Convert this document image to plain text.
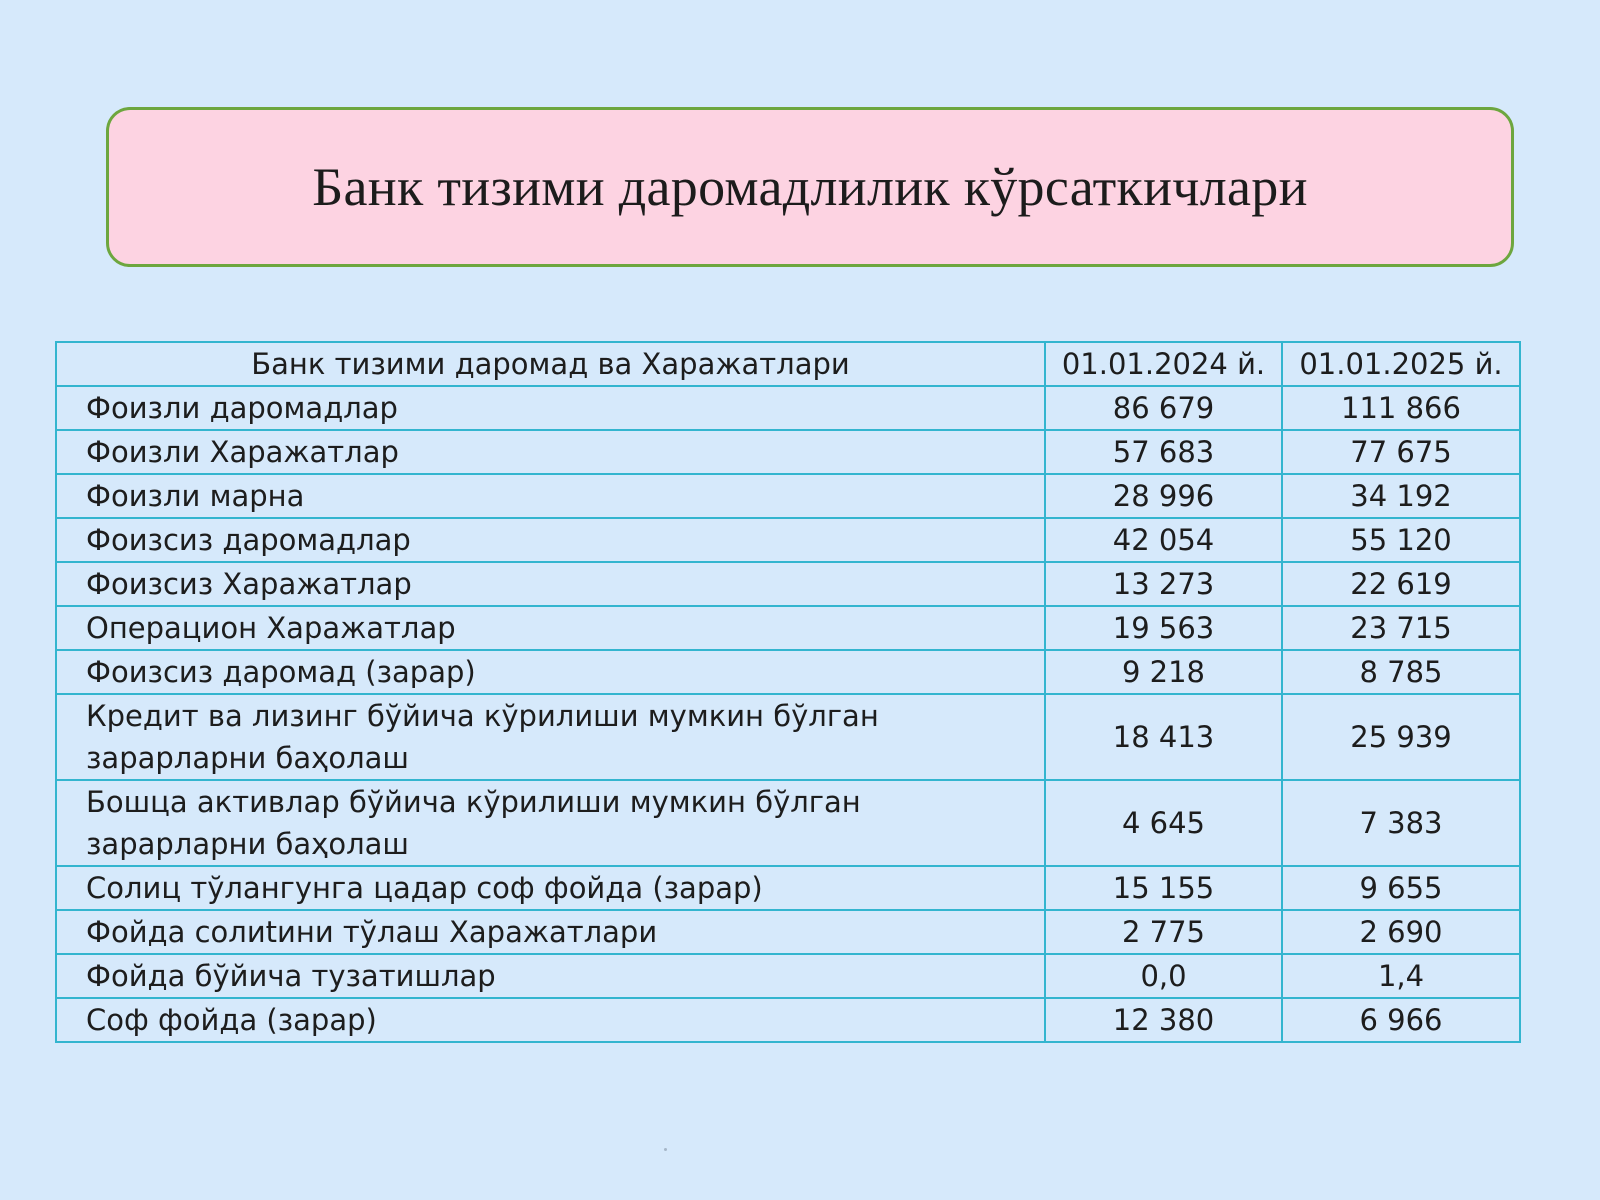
Банк тизими даромадлилик кўрсаткичлари
Банк тизими даромад ва Харажатлари	01.01.2024 й.	01.01.2025 й.
Фоизли даромадлар	86 679	111 866
Фоизли Харажатлар	57 683	77 675
Фоизли марна	28 996	34 192
Фоизсиз даромадлар	42 054	55 120
Фоизсиз Харажатлар	13 273	22 619
Операцион Харажатлар	19 563	23 715
Фоизсиз даромад (зарар)	9 218	8 785
Кредит ва лизинг бўйича кўрилиши мумкин бўлган зарарларни баҳолаш	18 413	25 939
Бошца активлар бўйича кўрилиши мумкин бўлган зарарларни баҳолаш	4 645	7 383
Солиц тўлангунга цадар соф фойда (зарар)	15 155	9 655
Фойда солиtини тўлаш Харажатлари	2 775	2 690
Фойда бўйича тузатишлар	0,0	1,4
Соф фойда (зарар)	12 380	6 966
